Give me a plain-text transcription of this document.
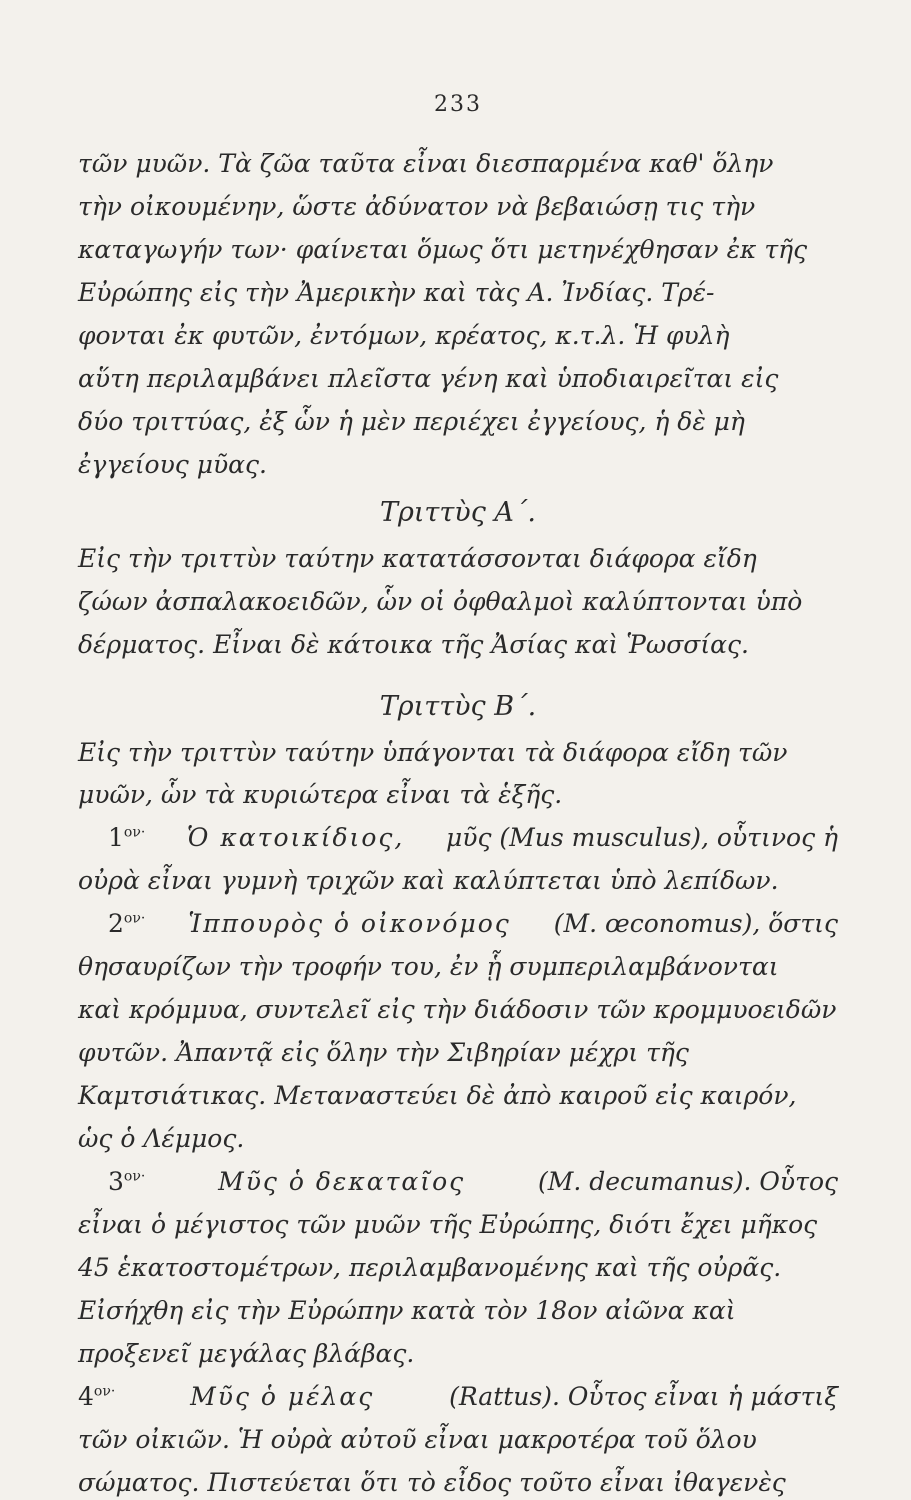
233
τῶν μυῶν. Τὰ ζῶα ταῦτα εἶναι διεσπαρμένα καθ' ὅλην
τὴν οἰκουμένην, ὥστε ἀδύνατον νὰ βεβαιώσῃ τις τὴν
καταγωγήν των· φαίνεται ὅμως ὅτι μετηνέχθησαν ἐκ τῆς
Εὐρώπης εἰς τὴν Ἀμερικὴν καὶ τὰς Α. Ἰνδίας. Τρέ-
φονται ἐκ φυτῶν, ἐντόμων, κρέατος, κ.τ.λ. Ἡ φυλὴ
αὕτη περιλαμβάνει πλεῖστα γένη καὶ ὑποδιαιρεῖται εἰς
δύο τριττύας, ἐξ ὧν ἡ μὲν περιέχει ἐγγείους, ἡ δὲ μὴ
ἐγγείους μῦας.
Τριττὺς Α΄.
Εἰς τὴν τριττὺν ταύτην κατατάσσονται διάφορα εἴδη
ζώων ἀσπαλακοειδῶν, ὧν οἱ ὀφθαλμοὶ καλύπτονται ὑπὸ
δέρματος. Εἶναι δὲ κάτοικα τῆς Ἀσίας καὶ Ῥωσσίας.
Τριττὺς Β΄.
Εἰς τὴν τριττὺν ταύτην ὑπάγονται τὰ διάφορα εἴδη τῶν
μυῶν, ὧν τὰ κυριώτερα εἶναι τὰ ἑξῆς.
$1^{o\nu\cdot}$ Ὁ κατοικίδιος, μῦς (Mus musculus), οὗτινος ἡ
οὐρὰ εἶναι γυμνὴ τριχῶν καὶ καλύπτεται ὑπὸ λεπίδων.
$2^{o\nu\cdot}$ Ἱππουρὸς ὁ οἰκονόμος (M. œconomus), ὅστις
θησαυρίζων τὴν τροφήν του, ἐν ᾗ συμπεριλαμβάνονται
καὶ κρόμμυα, συντελεῖ εἰς τὴν διάδοσιν τῶν κρομμυοειδῶν
φυτῶν. Ἀπαντᾷ εἰς ὅλην τὴν Σιβηρίαν μέχρι τῆς
Καμτσιάτικας. Μεταναστεύει δὲ ἀπὸ καιροῦ εἰς καιρόν,
ὡς ὁ Λέμμος.
$3^{o\nu\cdot}$	Μῦς ὁ δεκαταῖος	(M. decumanus). Οὗτος
εἶναι ὁ μέγιστος τῶν μυῶν τῆς Εὐρώπης, διότι ἔχει μῆκος
45 ἑκατοστομέτρων, περιλαμβανομένης καὶ τῆς οὐρᾶς.
Εἰσήχθη εἰς τὴν Εὐρώπην κατὰ τὸν 18ον αἰῶνα καὶ
προξενεῖ μεγάλας βλάβας.
$4^{o\nu\cdot}$	Μῦς ὁ μέλας	(Rattus). Οὗτος εἶναι ἡ μάστιξ
τῶν οἰκιῶν. Ἡ οὐρὰ αὐτοῦ εἶναι μακροτέρα τοῦ ὅλου
σώματος. Πιστεύεται ὅτι τὸ εἶδος τοῦτο εἶναι ἰθαγενὲς
